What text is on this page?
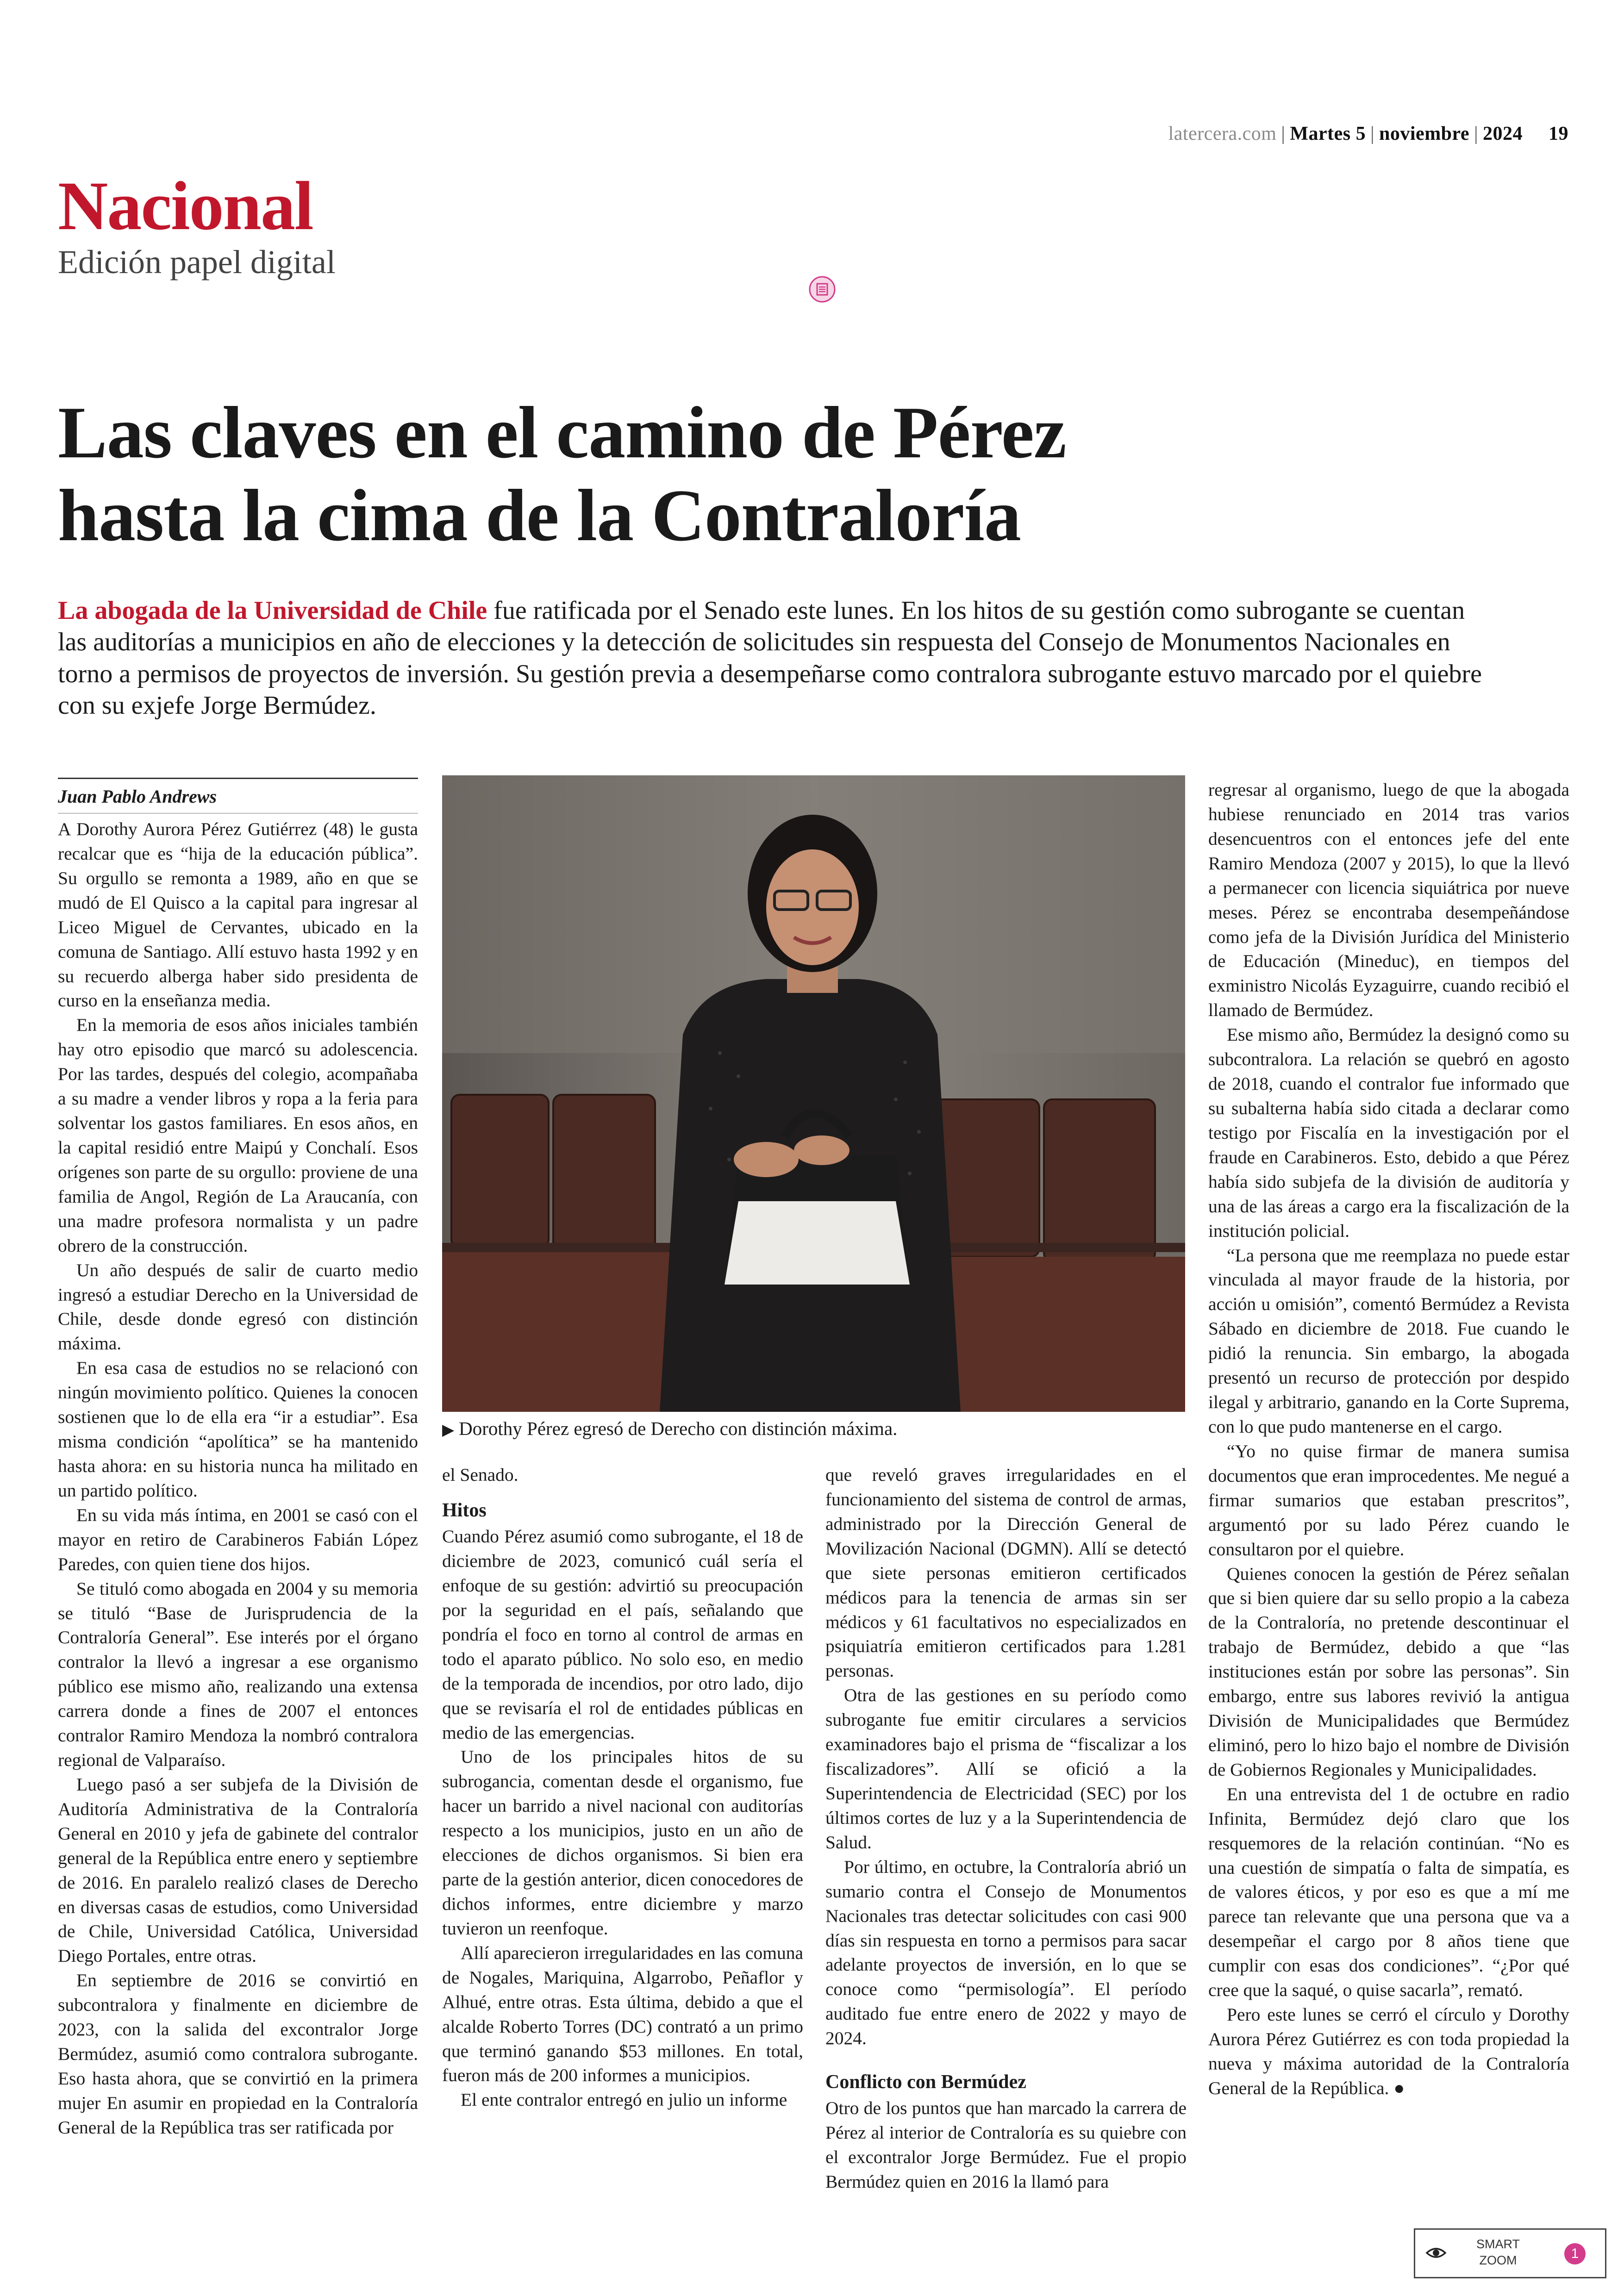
latercera.com | Martes 5 | noviembre | 2024 19
Nacional
Edición papel digital
Las claves en el camino de Pérez
hasta la cima de la Contraloría
La abogada de la Universidad de Chile fue ratificada por el Senado este lunes. En los hitos de su gestión como subrogante se cuentan las auditorías a municipios en año de elecciones y la detección de solicitudes sin respuesta del Consejo de Monumentos Nacionales en torno a permisos de proyectos de inversión. Su gestión previa a desempeñarse como contralora subrogante estuvo marcado por el quiebre con su exjefe Jorge Bermúdez.
Juan Pablo Andrews

A Dorothy Aurora Pérez Gutiérrez (48) le gusta recalcar que es “hija de la educación pública”. Su orgullo se remonta a 1989, año en que se mudó de El Quisco a la capital para ingresar al Liceo Miguel de Cervantes, ubicado en la comuna de Santiago. Allí estuvo hasta 1992 y en su recuerdo alberga haber sido presidenta de curso en la enseñanza media.

En la memoria de esos años iniciales también hay otro episodio que marcó su adolescencia. Por las tardes, después del colegio, acompañaba a su madre a vender libros y ropa a la feria para solventar los gastos familiares. En esos años, en la capital residió entre Maipú y Conchalí. Esos orígenes son parte de su orgullo: proviene de una familia de Angol, Región de La Araucanía, con una madre profesora normalista y un padre obrero de la construcción.

Un año después de salir de cuarto medio ingresó a estudiar Derecho en la Universidad de Chile, desde donde egresó con distinción máxima.

En esa casa de estudios no se relacionó con ningún movimiento político. Quienes la conocen sostienen que lo de ella era “ir a estudiar”. Esa misma condición “apolítica” se ha mantenido hasta ahora: en su historia nunca ha militado en un partido político.

En su vida más íntima, en 2001 se casó con el mayor en retiro de Carabineros Fabián López Paredes, con quien tiene dos hijos.

Se tituló como abogada en 2004 y su memoria se tituló “Base de Jurisprudencia de la Contraloría General”. Ese interés por el órgano contralor la llevó a ingresar a ese organismo público ese mismo año, realizando una extensa carrera donde a fines de 2007 el entonces contralor Ramiro Mendoza la nombró contralora regional de Valparaíso.

Luego pasó a ser subjefa de la División de Auditoría Administrativa de la Contraloría General en 2010 y jefa de gabinete del contralor general de la República entre enero y septiembre de 2016. En paralelo realizó clases de Derecho en diversas casas de estudios, como Universidad de Chile, Universidad Católica, Universidad Diego Portales, entre otras.

En septiembre de 2016 se convirtió en subcontralora y finalmente en diciembre de 2023, con la salida del excontralor Jorge Bermúdez, asumió como contralora subrogante. Eso hasta ahora, que se convirtió en la primera mujer En asumir en propiedad en la Contraloría General de la República tras ser ratificada por

▶ Dorothy Pérez egresó de Derecho con distinción máxima.

el Senado.

Hitos

Cuando Pérez asumió como subrogante, el 18 de diciembre de 2023, comunicó cuál sería el enfoque de su gestión: advirtió su preocupación por la seguridad en el país, señalando que pondría el foco en torno al control de armas en todo el aparato público. No solo eso, en medio de la temporada de incendios, por otro lado, dijo que se revisaría el rol de entidades públicas en medio de las emergencias.

Uno de los principales hitos de su subrogancia, comentan desde el organismo, fue hacer un barrido a nivel nacional con auditorías respecto a los municipios, justo en un año de elecciones de dichos organismos. Si bien era parte de la gestión anterior, dicen conocedores de dichos informes, entre diciembre y marzo tuvieron un reenfoque.

Allí aparecieron irregularidades en las comuna de Nogales, Mariquina, Algarrobo, Peñaflor y Alhué, entre otras. Esta última, debido a que el alcalde Roberto Torres (DC) contrató a un primo que terminó ganando $53 millones. En total, fueron más de 200 informes a municipios.

El ente contralor entregó en julio un informe

que reveló graves irregularidades en el funcionamiento del sistema de control de armas, administrado por la Dirección General de Movilización Nacional (DGMN). Allí se detectó que siete personas emitieron certificados médicos para la tenencia de armas sin ser médicos y 61 facultativos no especializados en psiquiatría emitieron certificados para 1.281 personas.

Otra de las gestiones en su período como subrogante fue emitir circulares a servicios examinadores bajo el prisma de “fiscalizar a los fiscalizadores”. Allí se ofició a la Superintendencia de Electricidad (SEC) por los últimos cortes de luz y a la Superintendencia de Salud.

Por último, en octubre, la Contraloría abrió un sumario contra el Consejo de Monumentos Nacionales tras detectar solicitudes con casi 900 días sin respuesta en torno a permisos para sacar adelante proyectos de inversión, en lo que se conoce como “permisología”. El período auditado fue entre enero de 2022 y mayo de 2024.

Conflicto con Bermúdez

Otro de los puntos que han marcado la carrera de Pérez al interior de Contraloría es su quiebre con el excontralor Jorge Bermúdez. Fue el propio Bermúdez quien en 2016 la llamó para

regresar al organismo, luego de que la abogada hubiese renunciado en 2014 tras varios desencuentros con el entonces jefe del ente Ramiro Mendoza (2007 y 2015), lo que la llevó a permanecer con licencia siquiátrica por nueve meses. Pérez se encontraba desempeñándose como jefa de la División Jurídica del Ministerio de Educación (Mineduc), en tiempos del exministro Nicolás Eyzaguirre, cuando recibió el llamado de Bermúdez.

Ese mismo año, Bermúdez la designó como su subcontralora. La relación se quebró en agosto de 2018, cuando el contralor fue informado que su subalterna había sido citada a declarar como testigo por Fiscalía en la investigación por el fraude en Carabineros. Esto, debido a que Pérez había sido subjefa de la división de auditoría y una de las áreas a cargo era la fiscalización de la institución policial.

“La persona que me reemplaza no puede estar vinculada al mayor fraude de la historia, por acción u omisión”, comentó Bermúdez a Revista Sábado en diciembre de 2018. Fue cuando le pidió la renuncia. Sin embargo, la abogada presentó un recurso de protección por despido ilegal y arbitrario, ganando en la Corte Suprema, con lo que pudo mantenerse en el cargo.

“Yo no quise firmar de manera sumisa documentos que eran improcedentes. Me negué a firmar sumarios que estaban prescritos”, argumentó por su lado Pérez cuando le consultaron por el quiebre.

Quienes conocen la gestión de Pérez señalan que si bien quiere dar su sello propio a la cabeza de la Contraloría, no pretende descontinuar el trabajo de Bermúdez, debido a que “las instituciones están por sobre las personas”. Sin embargo, entre sus labores revivió la antigua División de Municipalidades que Bermúdez eliminó, pero lo hizo bajo el nombre de División de Gobiernos Regionales y Municipalidades.

En una entrevista del 1 de octubre en radio Infinita, Bermúdez dejó claro que los resquemores de la relación continúan. “No es una cuestión de simpatía o falta de simpatía, es de valores éticos, y por eso es que a mí me parece tan relevante que una persona que va a desempeñar el cargo por 8 años tiene que cumplir con esas dos condiciones”. “¿Por qué cree que la saqué, o quise sacarla”, remató.

Pero este lunes se cerró el círculo y Dorothy Aurora Pérez Gutiérrez es con toda propiedad la nueva y máxima autoridad de la Contraloría General de la República. ●

SMART
ZOOM	1
